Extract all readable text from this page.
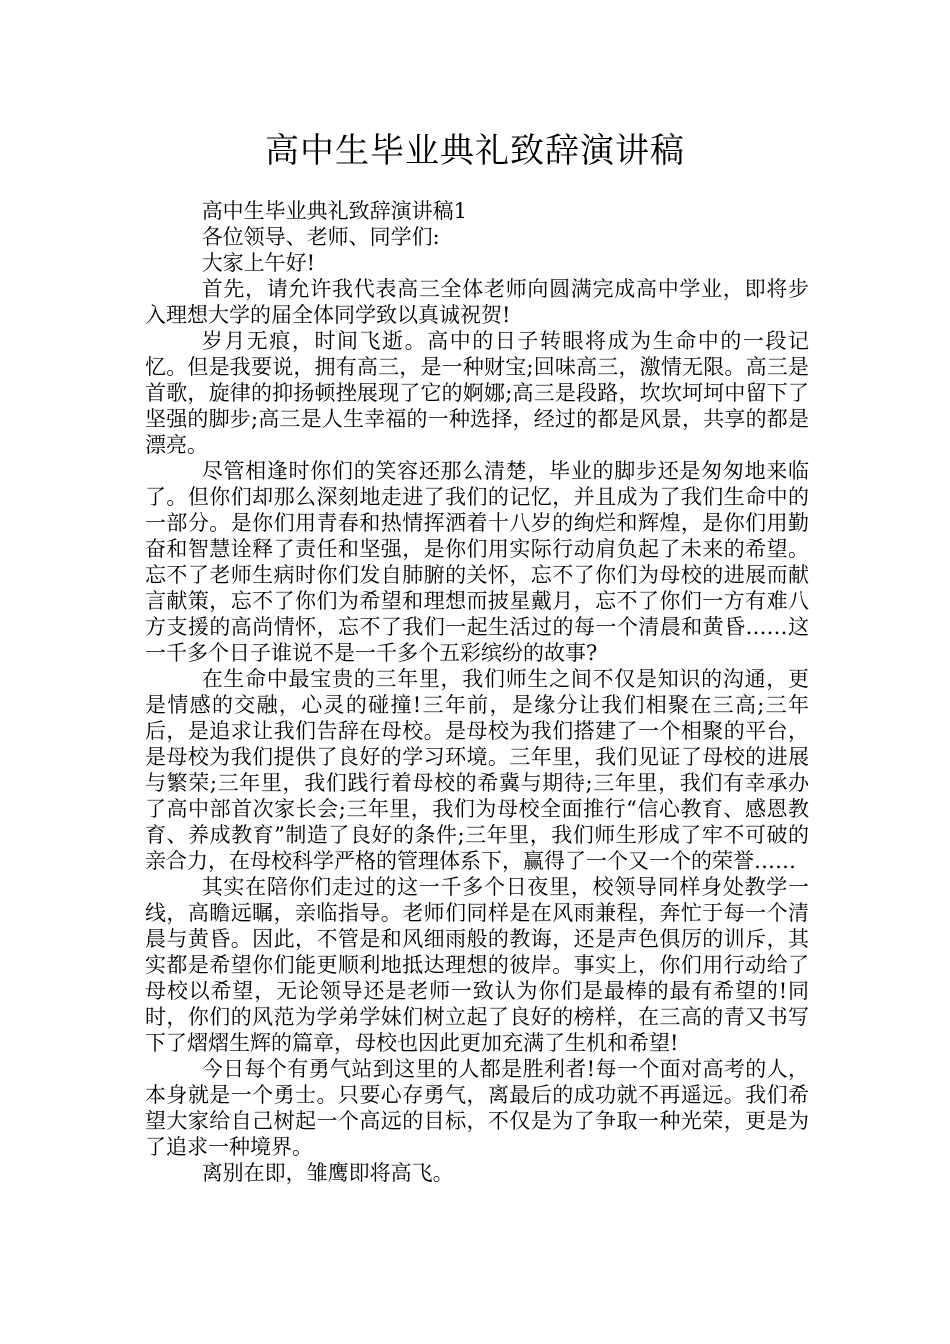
高中生毕业典礼致辞演讲稿

高中生毕业典礼致辞演讲稿1

各位领导、老师、同学们:

大家上午好!

首先，请允许我代表高三全体老师向圆满完成高中学业，即将步入理想大学的届全体同学致以真诚祝贺!

岁月无痕，时间飞逝。高中的日子转眼将成为生命中的一段记忆。但是我要说，拥有高三，是一种财宝;回味高三，激情无限。高三是首歌，旋律的抑扬顿挫展现了它的婀娜;高三是段路，坎坎坷坷中留下了坚强的脚步;高三是人生幸福的一种选择，经过的都是风景，共享的都是漂亮。

尽管相逢时你们的笑容还那么清楚，毕业的脚步还是匆匆地来临了。但你们却那么深刻地走进了我们的记忆，并且成为了我们生命中的一部分。是你们用青春和热情挥洒着十八岁的绚烂和辉煌，是你们用勤奋和智慧诠释了责任和坚强，是你们用实际行动肩负起了未来的希望。忘不了老师生病时你们发自肺腑的关怀，忘不了你们为母校的进展而献言献策，忘不了你们为希望和理想而披星戴月，忘不了你们一方有难八方支援的高尚情怀，忘不了我们一起生活过的每一个清晨和黄昏……这一千多个日子谁说不是一千多个五彩缤纷的故事?

在生命中最宝贵的三年里，我们师生之间不仅是知识的沟通，更是情感的交融，心灵的碰撞!三年前，是缘分让我们相聚在三高;三年后，是追求让我们告辞在母校。是母校为我们搭建了一个相聚的平台，是母校为我们提供了良好的学习环境。三年里，我们见证了母校的进展与繁荣;三年里，我们践行着母校的希冀与期待;三年里，我们有幸承办了高中部首次家长会;三年里，我们为母校全面推行“信心教育、感恩教育、养成教育”制造了良好的条件;三年里，我们师生形成了牢不可破的亲合力，在母校科学严格的管理体系下，赢得了一个又一个的荣誉……

其实在陪你们走过的这一千多个日夜里，校领导同样身处教学一线，高瞻远瞩，亲临指导。老师们同样是在风雨兼程，奔忙于每一个清晨与黄昏。因此，不管是和风细雨般的教诲，还是声色俱厉的训斥，其实都是希望你们能更顺利地抵达理想的彼岸。事实上，你们用行动给了母校以希望，无论领导还是老师一致认为你们是最棒的最有希望的!同时，你们的风范为学弟学妹们树立起了良好的榜样，在三高的青又书写下了熠熠生辉的篇章，母校也因此更加充满了生机和希望!

今日每个有勇气站到这里的人都是胜利者!每一个面对高考的人，本身就是一个勇士。只要心存勇气，离最后的成功就不再遥远。我们希望大家给自己树起一个高远的目标，不仅是为了争取一种光荣，更是为了追求一种境界。

离别在即，雏鹰即将高飞。
